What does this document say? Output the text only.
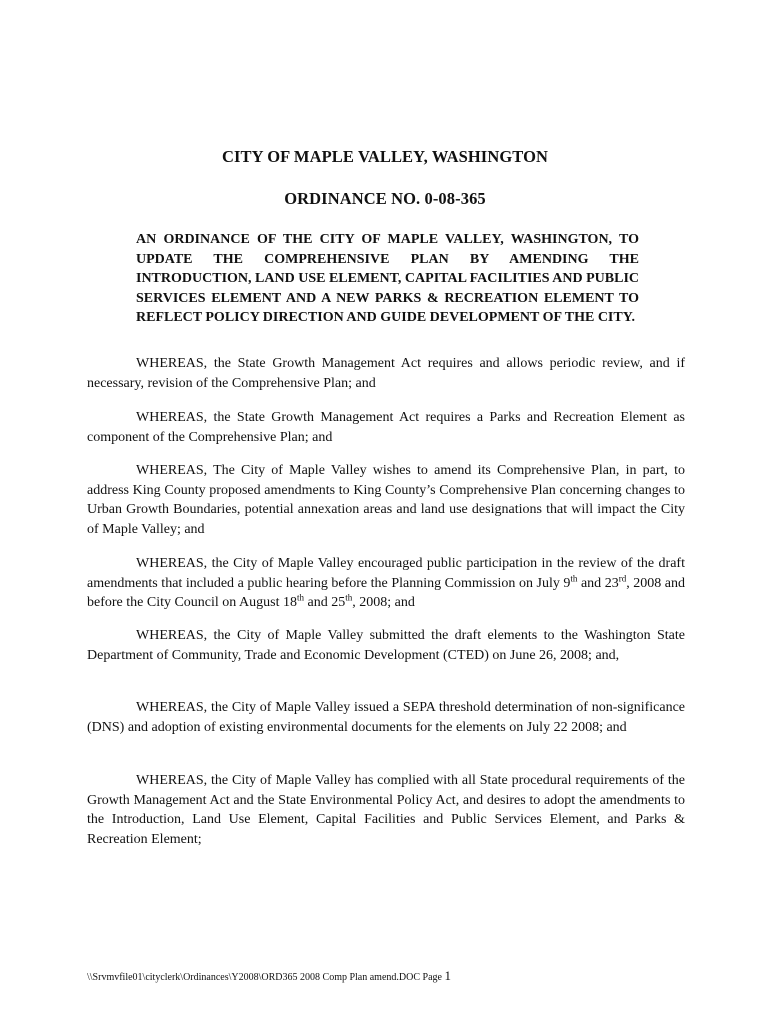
CITY OF MAPLE VALLEY, WASHINGTON
ORDINANCE NO. 0-08-365
AN ORDINANCE OF THE CITY OF MAPLE VALLEY, WASHINGTON, TO UPDATE THE COMPREHENSIVE PLAN BY AMENDING THE INTRODUCTION, LAND USE ELEMENT, CAPITAL FACILITIES AND PUBLIC SERVICES ELEMENT AND A NEW PARKS & RECREATION ELEMENT TO REFLECT POLICY DIRECTION AND GUIDE DEVELOPMENT OF THE CITY.
WHEREAS, the State Growth Management Act requires and allows periodic review, and if necessary, revision of the Comprehensive Plan; and
WHEREAS, the State Growth Management Act requires a Parks and Recreation Element as component of the Comprehensive Plan; and
WHEREAS, The City of Maple Valley wishes to amend its Comprehensive Plan, in part, to address King County proposed amendments to King County’s Comprehensive Plan concerning changes to Urban Growth Boundaries, potential annexation areas and land use designations that will impact the City of Maple Valley; and
WHEREAS, the City of Maple Valley encouraged public participation in the review of the draft amendments that included a public hearing before the Planning Commission on July 9th and 23rd, 2008 and before the City Council on August 18th and 25th, 2008; and
WHEREAS, the City of Maple Valley submitted the draft elements to the Washington State Department of Community, Trade and Economic Development (CTED) on June 26, 2008; and,
WHEREAS, the City of Maple Valley issued a SEPA threshold determination of non-significance (DNS) and adoption of existing environmental documents for the elements on July 22 2008; and
WHEREAS, the City of Maple Valley has complied with all State procedural requirements of the Growth Management Act and the State Environmental Policy Act, and desires to adopt the amendments to the Introduction, Land Use Element, Capital Facilities and Public Services Element, and Parks & Recreation Element;
\\Srvmvfile01\cityclerk\Ordinances\Y2008\ORD365 2008 Comp Plan amend.DOC Page 1
